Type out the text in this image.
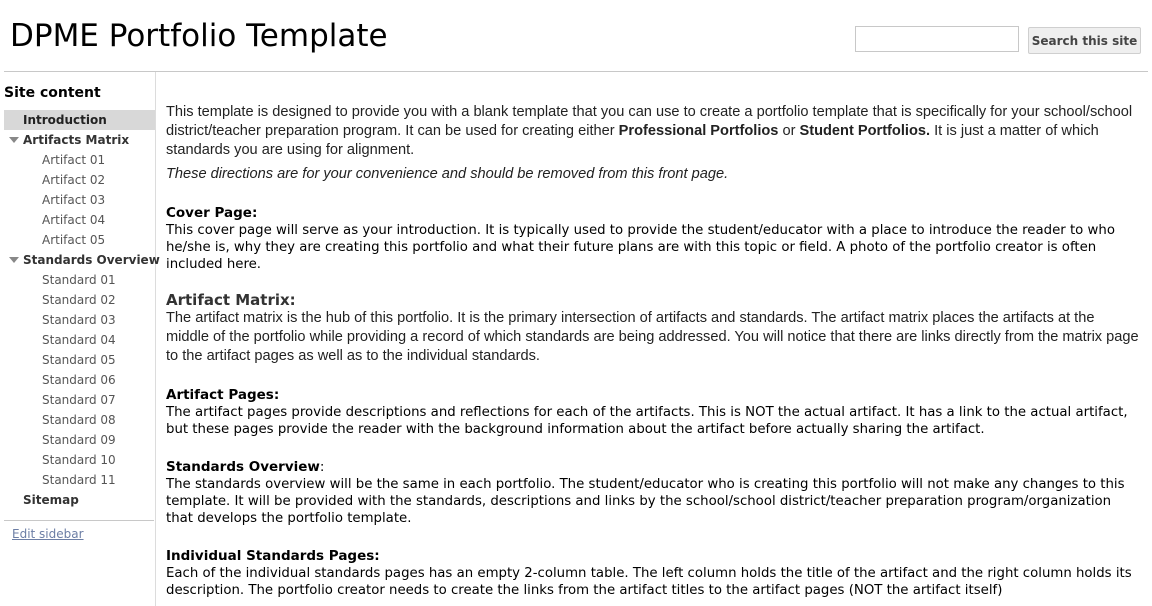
DPME Portfolio Template	Search this site
Site content
Introduction
Artifacts Matrix
Artifact 01
Artifact 02
Artifact 03
Artifact 04
Artifact 05
Standards Overview
Standard 01
Standard 02
Standard 03
Standard 04
Standard 05
Standard 06
Standard 07
Standard 08
Standard 09
Standard 10
Standard 11
Sitemap
Edit sidebar

This template is designed to provide you with a blank template that you can use to create a portfolio template that is specifically for your school/school district/teacher preparation program. It can be used for creating either Professional Portfolios or Student Portfolios. It is just a matter of which standards you are using for alignment.

These directions are for your convenience and should be removed from this front page.

Cover Page:

This cover page will serve as your introduction. It is typically used to provide the student/educator with a place to introduce the reader to who he/she is, why they are creating this portfolio and what their future plans are with this topic or field. A photo of the portfolio creator is often included here.

Artifact Matrix:

The artifact matrix is the hub of this portfolio. It is the primary intersection of artifacts and standards. The artifact matrix places the artifacts at the middle of the portfolio while providing a record of which standards are being addressed. You will notice that there are links directly from the matrix page to the artifact pages as well as to the individual standards.

Artifact Pages:

The artifact pages provide descriptions and reflections for each of the artifacts. This is NOT the actual artifact. It has a link to the actual artifact, but these pages provide the reader with the background information about the artifact before actually sharing the artifact.

Standards Overview:

The standards overview will be the same in each portfolio. The student/educator who is creating this portfolio will not make any changes to this template. It will be provided with the standards, descriptions and links by the school/school district/teacher preparation program/organization that develops the portfolio template.

Individual Standards Pages:

Each of the individual standards pages has an empty 2-column table. The left column holds the title of the artifact and the right column holds its description. The portfolio creator needs to create the links from the artifact titles to the artifact pages (NOT the artifact itself)
